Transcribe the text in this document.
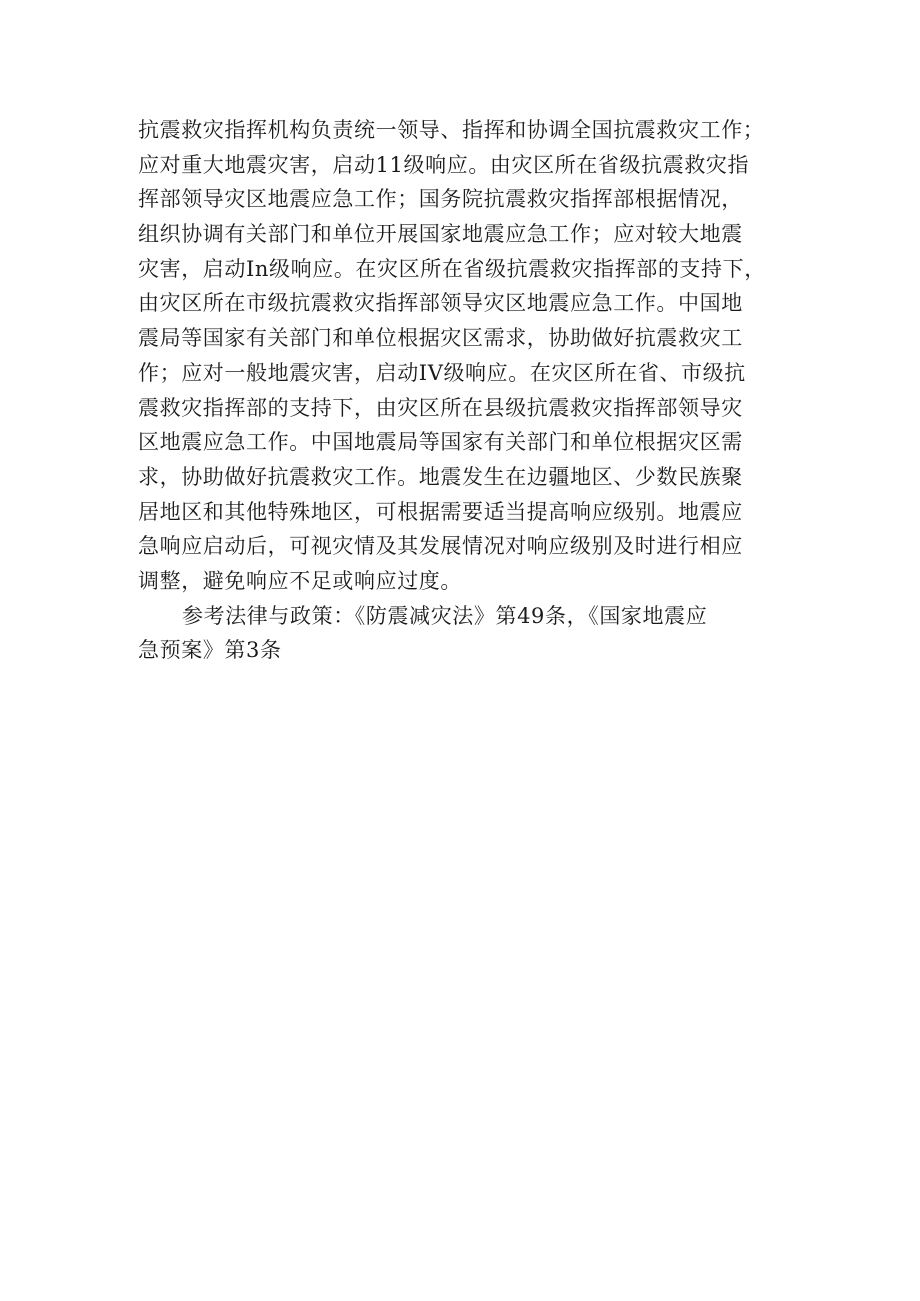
抗震救灾指挥机构负责统一领导、指挥和协调全国抗震救灾工作；
应对重大地震灾害，启动11级响应。由灾区所在省级抗震救灾指
挥部领导灾区地震应急工作；国务院抗震救灾指挥部根据情况，
组织协调有关部门和单位开展国家地震应急工作；应对较大地震
灾害，启动In级响应。在灾区所在省级抗震救灾指挥部的支持下，
由灾区所在市级抗震救灾指挥部领导灾区地震应急工作。中国地
震局等国家有关部门和单位根据灾区需求，协助做好抗震救灾工
作；应对一般地震灾害，启动IV级响应。在灾区所在省、市级抗
震救灾指挥部的支持下，由灾区所在县级抗震救灾指挥部领导灾
区地震应急工作。中国地震局等国家有关部门和单位根据灾区需
求，协助做好抗震救灾工作。地震发生在边疆地区、少数民族聚
居地区和其他特殊地区，可根据需要适当提高响应级别。地震应
急响应启动后，可视灾情及其发展情况对响应级别及时进行相应
调整，避免响应不足或响应过度。
参考法律与政策：《防震减灾法》第49条，《国家地震应
急预案》第3条
